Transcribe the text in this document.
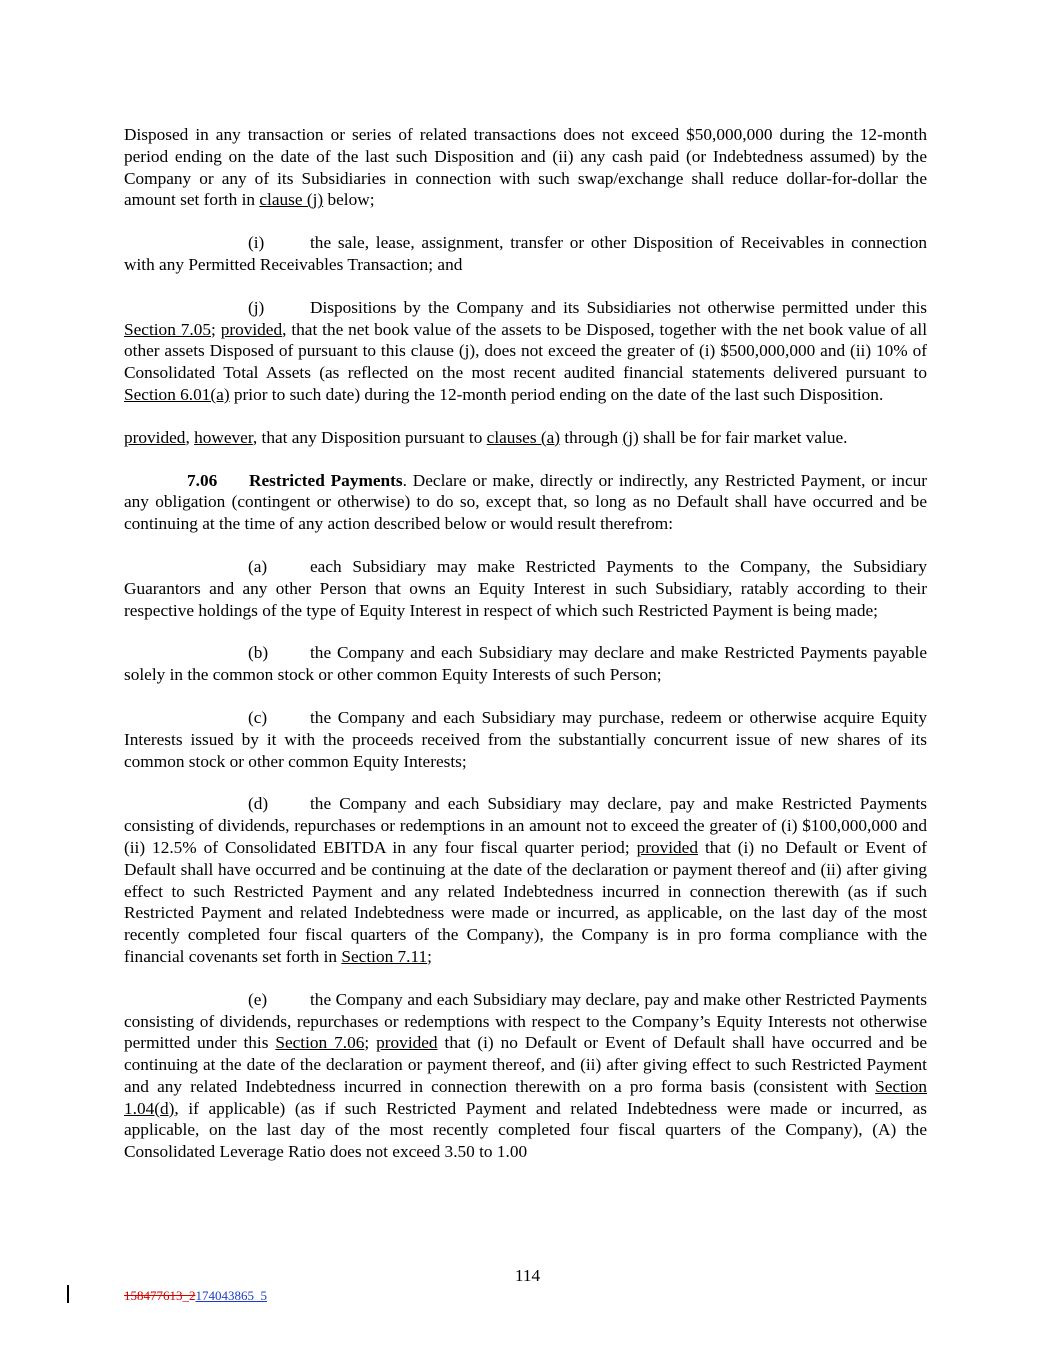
Disposed in any transaction or series of related transactions does not exceed $50,000,000 during the 12-month period ending on the date of the last such Disposition and (ii) any cash paid (or Indebtedness assumed) by the Company or any of its Subsidiaries in connection with such swap/exchange shall reduce dollar-for-dollar the amount set forth in clause (j) below;

(i)	the sale, lease, assignment, transfer or other Disposition of Receivables in connection with any Permitted Receivables Transaction; and

(j)	Dispositions by the Company and its Subsidiaries not otherwise permitted under this Section 7.05; provided, that the net book value of the assets to be Disposed, together with the net book value of all other assets Disposed of pursuant to this clause (j), does not exceed the greater of (i) $500,000,000 and (ii) 10% of Consolidated Total Assets (as reflected on the most recent audited financial statements delivered pursuant to Section 6.01(a) prior to such date) during the 12-month period ending on the date of the last such Disposition.

provided, however, that any Disposition pursuant to clauses (a) through (j) shall be for fair market value.

7.06 Restricted Payments. Declare or make, directly or indirectly, any Restricted Payment, or incur any obligation (contingent or otherwise) to do so, except that, so long as no Default shall have occurred and be continuing at the time of any action described below or would result therefrom:

(a) each Subsidiary may make Restricted Payments to the Company, the Subsidiary Guarantors and any other Person that owns an Equity Interest in such Subsidiary, ratably according to their respective holdings of the type of Equity Interest in respect of which such Restricted Payment is being made;

(b) the Company and each Subsidiary may declare and make Restricted Payments payable solely in the common stock or other common Equity Interests of such Person;

(c) the Company and each Subsidiary may purchase, redeem or otherwise acquire Equity Interests issued by it with the proceeds received from the substantially concurrent issue of new shares of its common stock or other common Equity Interests;

(d) the Company and each Subsidiary may declare, pay and make Restricted Payments consisting of dividends, repurchases or redemptions in an amount not to exceed the greater of (i) $100,000,000 and (ii) 12.5% of Consolidated EBITDA in any four fiscal quarter period; provided that (i) no Default or Event of Default shall have occurred and be continuing at the date of the declaration or payment thereof and (ii) after giving effect to such Restricted Payment and any related Indebtedness incurred in connection therewith (as if such Restricted Payment and related Indebtedness were made or incurred, as applicable, on the last day of the most recently completed four fiscal quarters of the Company), the Company is in pro forma compliance with the financial covenants set forth in Section 7.11;

(e) the Company and each Subsidiary may declare, pay and make other Restricted Payments consisting of dividends, repurchases or redemptions with respect to the Company’s Equity Interests not otherwise permitted under this Section 7.06; provided that (i) no Default or Event of Default shall have occurred and be continuing at the date of the declaration or payment thereof, and (ii) after giving effect to such Restricted Payment and any related Indebtedness incurred in connection therewith on a pro forma basis (consistent with Section 1.04(d), if applicable) (as if such Restricted Payment and related Indebtedness were made or incurred, as applicable, on the last day of the most recently completed four fiscal quarters of the Company), (A) the Consolidated Leverage Ratio does not exceed 3.50 to 1.00

114
158477613_2174043865_5
